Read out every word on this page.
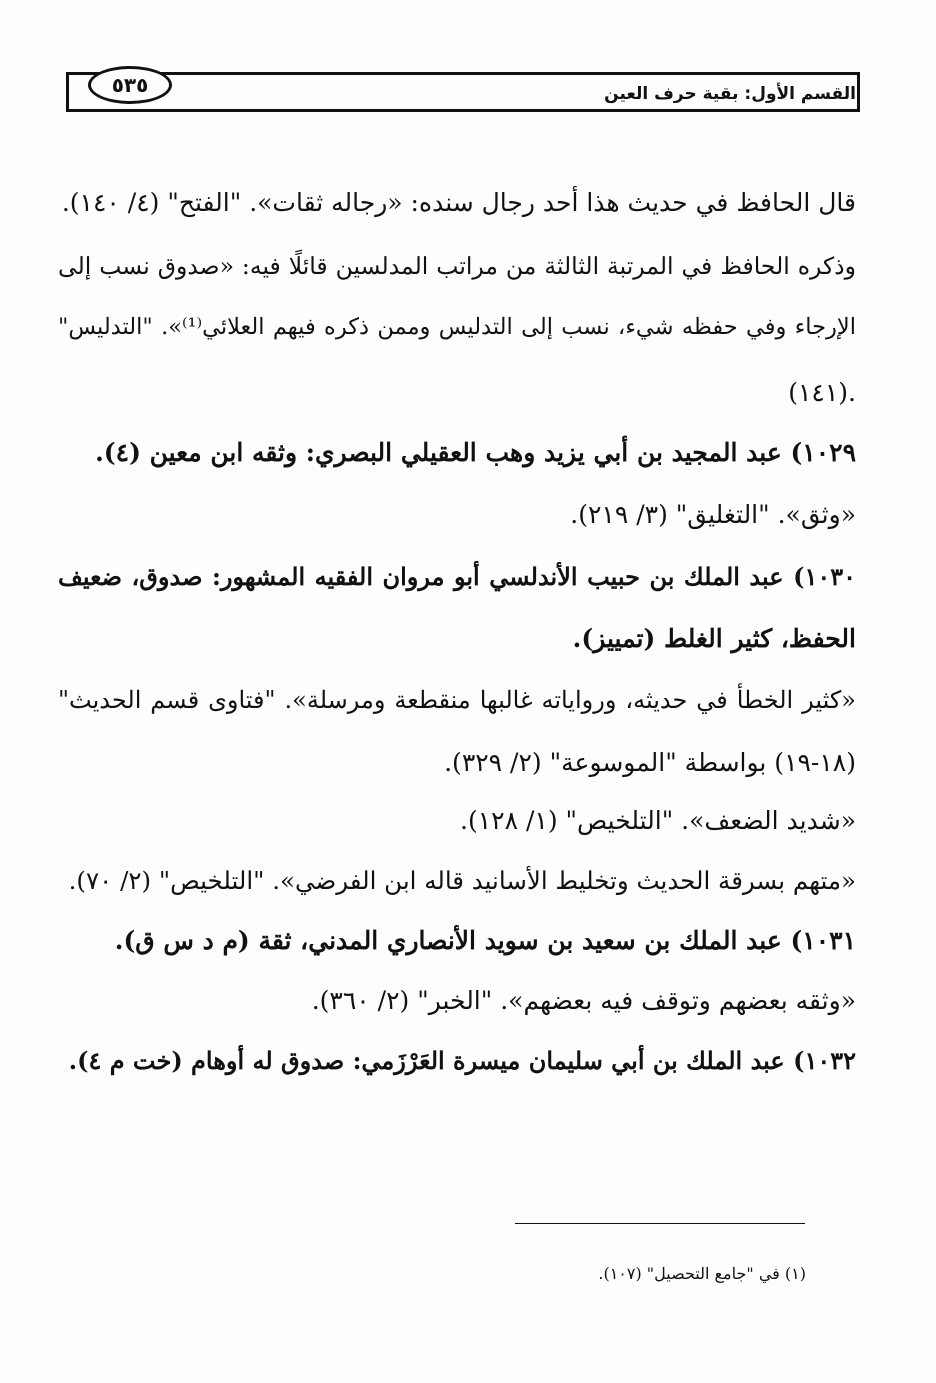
٥٣٥	القسم الأول: بقية حرف العين
قال الحافظ في حديث هذا أحد رجال سنده: «رجاله ثقات». "الفتح" (٤/ ١٤٠).
وذكره الحافظ في المرتبة الثالثة من مراتب المدلسين قائلًا فيه: «صدوق نسب إلى
الإرجاء وفي حفظه شيء، نسب إلى التدليس وممن ذكره فيهم العلائي⁽¹⁾». "التدليس"
(١٤١).
١٠٢٩) عبد المجيد بن أبي يزيد وهب العقيلي البصري: وثقه ابن معين (٤).
«وثق». "التغليق" (٣/ ٢١٩).
١٠٣٠) عبد الملك بن حبيب الأندلسي أبو مروان الفقيه المشهور: صدوق، ضعيف
الحفظ، كثير الغلط (تمييز).
«كثير الخطأ في حديثه، ورواياته غالبها منقطعة ومرسلة». "فتاوى قسم الحديث"
(١٨-١٩) بواسطة "الموسوعة" (٢/ ٣٢٩).
«شديد الضعف». "التلخيص" (١/ ١٢٨).
«متهم بسرقة الحديث وتخليط الأسانيد قاله ابن الفرضي». "التلخيص" (٢/ ٧٠).
١٠٣١) عبد الملك بن سعيد بن سويد الأنصاري المدني، ثقة (م د س ق).
«وثقه بعضهم وتوقف فيه بعضهم». "الخبر" (٢/ ٣٦٠).
١٠٣٢) عبد الملك بن أبي سليمان ميسرة العَرْزَمي: صدوق له أوهام (خت م ٤).
(١) في "جامع التحصيل" (١٠٧).
